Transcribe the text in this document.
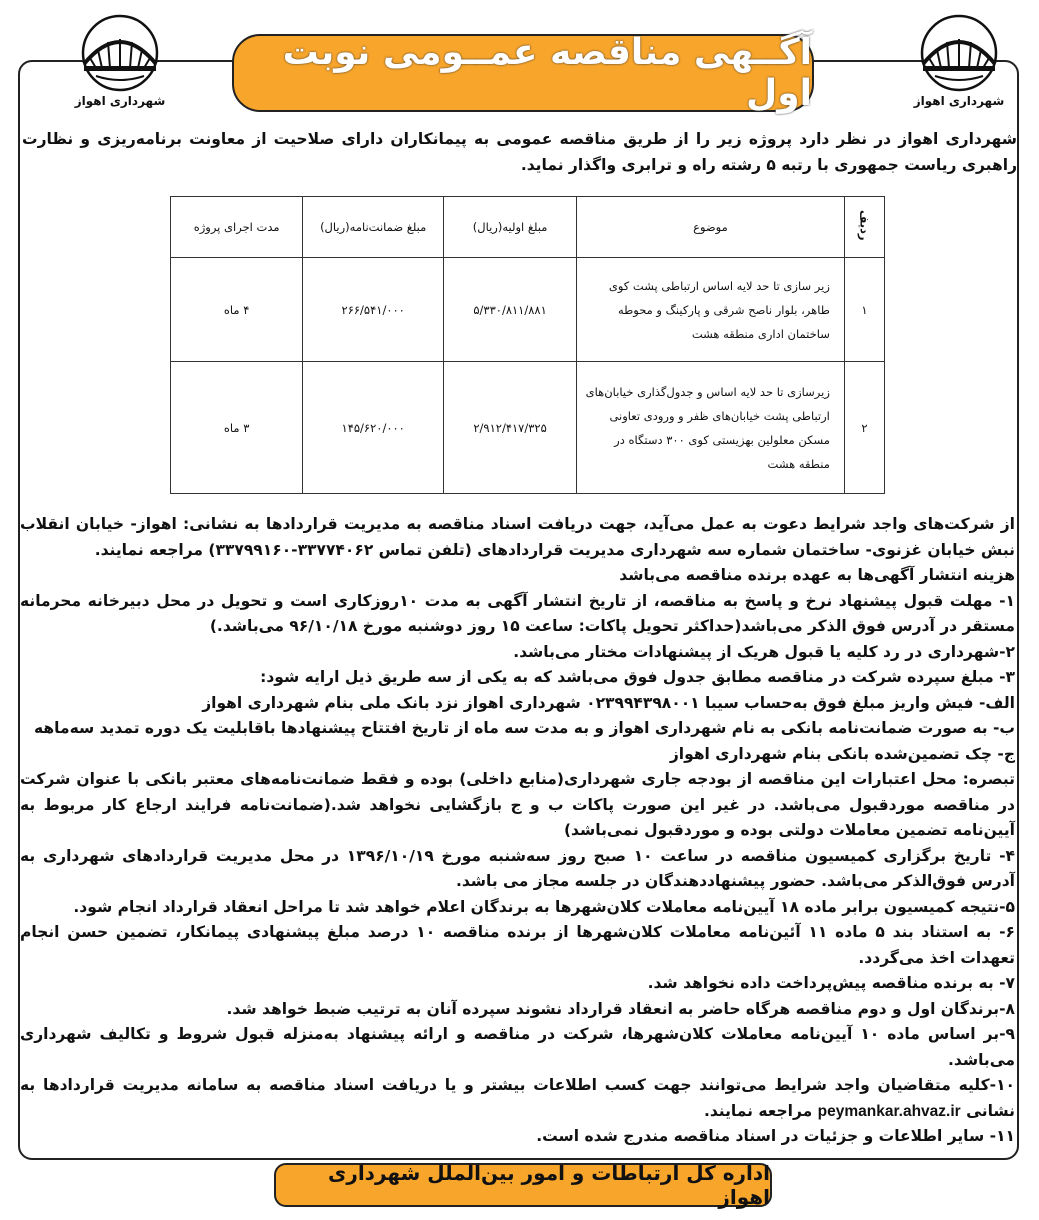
شهرداری اهواز
شهرداری اهواز
آگــهی مناقصه عمــومی نوبت اول
شهرداری اهواز در نظر دارد پروژه زیر را از طریق مناقصه عمومی به پیمانکاران دارای صلاحیت از معاونت برنامه‌ریزی و نظارت راهبری ریاست جمهوری با رتبه ۵ رشته راه و ترابری واگذار نماید.
ردیف	موضوع	مبلغ اولیه(ریال)	مبلغ ضمانت‌نامه(ریال)	مدت اجرای پروژه
۱	زیر سازی تا حد لایه اساس ارتباطی پشت کوی طاهر، بلوار ناصح شرقی و پارکینگ و محوطه ساختمان اداری منطقه هشت	۵/۳۳۰/۸۱۱/۸۸۱	۲۶۶/۵۴۱/۰۰۰	۴ ماه
۲	زیرسازی تا حد لایه اساس و جدول‌گذاری خیابان‌های ارتباطی پشت خیابان‌های ظفر و ورودی تعاونی مسکن معلولین بهزیستی کوی ۳۰۰ دستگاه در منطقه هشت	۲/۹۱۲/۴۱۷/۳۲۵	۱۴۵/۶۲۰/۰۰۰	۳ ماه

از شرکت‌های واجد شرایط دعوت به عمل می‌آید، جهت دریافت اسناد مناقصه به مدیریت قراردادها به نشانی: اهواز- خیابان انقلاب نبش خیابان غزنوی- ساختمان شماره سه شهرداری مدیریت قراردادهای (تلفن تماس ۳۳۷۷۴۰۶۲-۳۳۷۹۹۱۶۰) مراجعه نمایند.

هزینه انتشار آگهی‌ها به عهده برنده مناقصه می‌باشد

۱- مهلت قبول پیشنهاد نرخ و پاسخ به مناقصه، از تاریخ انتشار آگهی به مدت ۱۰روزکاری است و تحویل در محل دبیرخانه محرمانه مستقر در آدرس فوق الذکر می‌باشد(حداکثر تحویل پاکات: ساعت ۱۵ روز دوشنبه مورخ ۹۶/۱۰/۱۸ می‌باشد.)

۲-شهرداری در رد کلیه یا قبول هریک از پیشنهادات مختار می‌باشد.

۳- مبلغ سپرده شرکت در مناقصه مطابق جدول فوق می‌باشد که به یکی از سه طریق ذیل ارایه شود:

الف- فیش واریز مبلغ فوق به‌حساب سیبا ۰۲۳۹۹۴۳۹۸۰۰۱ شهرداری اهواز نزد بانک ملی بنام شهرداری اهواز

ب- به صورت ضمانت‌نامه بانکی به نام شهرداری اهواز و به مدت سه ماه از تاریخ افتتاح پیشنهادها باقابلیت یک دوره تمدید سه‌ماهه

ج- چک تضمین‌شده بانکی بنام شهرداری اهواز

تبصره: محل اعتبارات این مناقصه از بودجه جاری شهرداری(منابع داخلی) بوده و فقط ضمانت‌نامه‌های معتبر بانکی با عنوان شرکت در مناقصه موردقبول می‌باشد. در غیر این صورت پاکات ب و ج بازگشایی نخواهد شد.(ضمانت‌نامه فرایند ارجاع کار مربوط به آیین‌نامه تضمین معاملات دولتی بوده و موردقبول نمی‌باشد)

۴- تاریخ برگزاری کمیسیون مناقصه در ساعت ۱۰ صبح روز سه‌شنبه مورخ ۱۳۹۶/۱۰/۱۹ در محل مدیریت قراردادهای شهرداری به آدرس فوق‌الذکر می‌باشد. حضور پیشنهاددهندگان در جلسه مجاز می باشد.

۵-نتیجه کمیسیون برابر ماده ۱۸ آیین‌نامه معاملات کلان‌شهرها به برندگان اعلام خواهد شد تا مراحل انعقاد قرارداد انجام شود.

۶- به استناد بند ۵ ماده ۱۱ آئین‌نامه معاملات کلان‌شهرها از برنده مناقصه ۱۰ درصد مبلغ پیشنهادی پیمانکار، تضمین حسن انجام تعهدات اخذ می‌گردد.

۷- به برنده مناقصه پیش‌پرداخت داده نخواهد شد.

۸-برندگان اول و دوم مناقصه هرگاه حاضر به انعقاد قرارداد نشوند سپرده آنان به ترتیب ضبط خواهد شد.

۹-بر اساس ماده ۱۰ آیین‌نامه معاملات کلان‌شهرها، شرکت در مناقصه و ارائه پیشنهاد به‌منزله قبول شروط و تکالیف شهرداری می‌باشد.

۱۰-کلیه متقاضیان واجد شرایط می‌توانند جهت کسب اطلاعات بیشتر و یا دریافت اسناد مناقصه به سامانه مدیریت قراردادها به نشانی peymankar.ahvaz.ir مراجعه نمایند.

۱۱- سایر اطلاعات و جزئیات در اسناد مناقصه مندرج شده است.

اداره کل ارتباطات و امور بین‌الملل شهرداری اهواز
